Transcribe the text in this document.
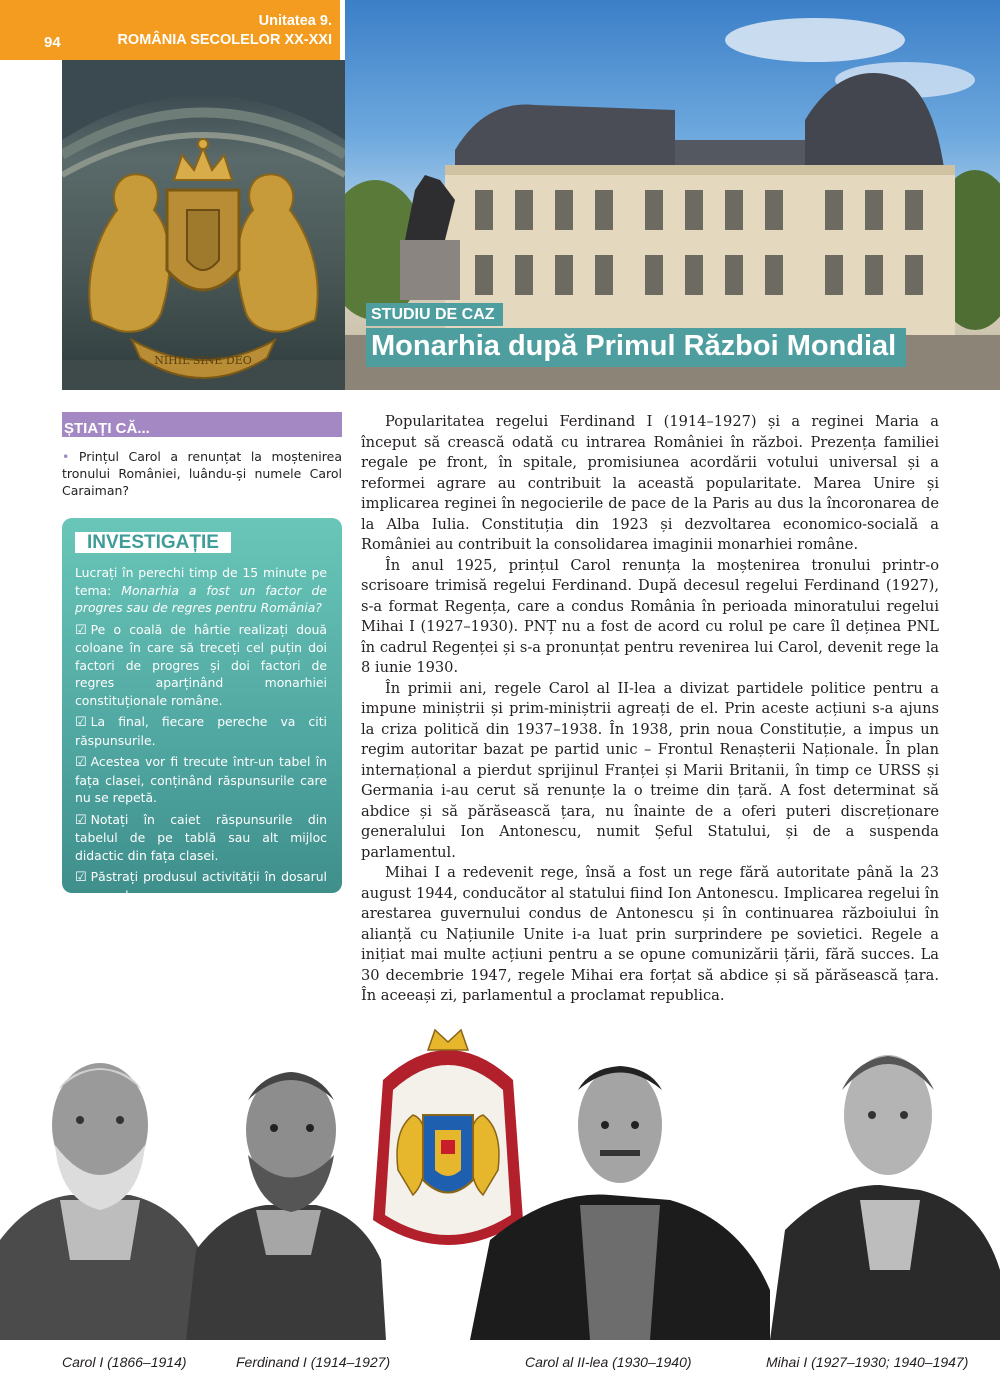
94
Unitatea 9.
ROMÂNIA SECOLELOR XX-XXI
NIHIL SINE DEO
STUDIU DE CAZ
Monarhia după Primul Război Mondial
ȘTIAȚI CĂ...
• Prințul Carol a renunțat la moștenirea tronului României, luându-și numele Carol Caraiman?
INVESTIGAȚIE

Lucrați în perechi timp de 15 minute pe tema: Monarhia a fost un factor de progres sau de regres pentru România?

☑ Pe o coală de hârtie realizați două coloane în care să treceți cel puțin doi factori de progres și doi factori de regres aparținând monarhiei constituționale române.

☑ La final, fiecare pereche va citi răspunsurile.

☑ Acestea vor fi trecute într-un tabel în fața clasei, conținând răspunsurile care nu se repetă.

☑ Notați în caiet răspunsurile din tabelul de pe tablă sau alt mijloc didactic din fața clasei.

☑ Păstrați produsul activității în dosarul personal.

Popularitatea regelui Ferdinand I (1914–1927) și a reginei Maria a început să crească odată cu intrarea României în război. Prezența familiei regale pe front, în spitale, promisiunea acordării votului universal și a reformei agrare au contribuit la această popularitate. Marea Unire și implicarea reginei în negocierile de pace de la Paris au dus la încoronarea de la Alba Iulia. Constituția din 1923 și dezvoltarea economico-socială a României au contribuit la consolidarea imaginii monarhiei române.

În anul 1925, prințul Carol renunța la moștenirea tronului printr-o scrisoare trimisă regelui Ferdinand. După decesul regelui Ferdinand (1927), s-a format Regența, care a condus România în perioada minoratului regelui Mihai I (1927–1930). PNȚ nu a fost de acord cu rolul pe care îl deținea PNL în cadrul Regenței și s-a pronunțat pentru revenirea lui Carol, devenit rege la 8 iunie 1930.

În primii ani, regele Carol al II-lea a divizat partidele politice pentru a impune miniștrii și prim-miniștrii agreați de el. Prin aceste acțiuni s-a ajuns la criza politică din 1937–1938. În 1938, prin noua Constituție, a impus un regim autoritar bazat pe partid unic – Frontul Renașterii Naționale. În plan internațional a pierdut sprijinul Franței și Marii Britanii, în timp ce URSS și Germania i-au cerut să renunțe la o treime din țară. A fost determinat să abdice și să părăsească țara, nu înainte de a oferi puteri discreționare generalului Ion Antonescu, numit Șeful Statului, și de a suspenda parlamentul.

Mihai I a redevenit rege, însă a fost un rege fără autoritate până la 23 august 1944, conducător al statului fiind Ion Antonescu. Implicarea regelui în arestarea guvernului condus de Antonescu și în continuarea războiului în alianță cu Națiunile Unite i-a luat prin surprindere pe sovietici. Regele a inițiat mai multe acțiuni pentru a se opune comunizării țării, fără succes. La 30 decembrie 1947, regele Mihai era forțat să abdice și să părăsească țara. În aceeași zi, parlamentul a proclamat republica.

Carol I (1866–1914)	Ferdinand I (1914–1927)	Carol al II-lea (1930–1940)	Mihai I (1927–1930; 1940–1947)
